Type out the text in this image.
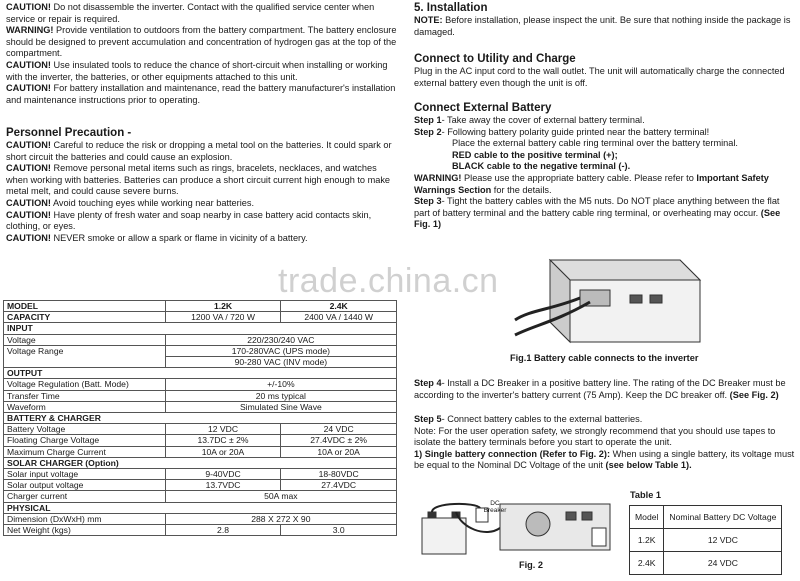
CAUTION! Do not disassemble the inverter. Contact with the qualified service center when service or repair is required.

WARNING! Provide ventilation to outdoors from the battery compartment. The battery enclosure should be designed to prevent accumulation and concentration of hydrogen gas at the top of the compartment.

CAUTION! Use insulated tools to reduce the chance of short-circuit when installing or working with the inverter, the batteries, or other equipments attached to this unit.

CAUTION! For battery installation and maintenance, read the battery manufacturer's installation and maintenance instructions prior to operating.

Personnel Precaution -

CAUTION! Careful to reduce the risk or dropping a metal tool on the batteries. It could spark or short circuit the batteries and could cause an explosion.

CAUTION! Remove personal metal items such as rings, bracelets, necklaces, and watches when working with batteries. Batteries can produce a short circuit current high enough to make metal melt, and could cause severe burns.

CAUTION! Avoid touching eyes while working near batteries.

CAUTION! Have plenty of fresh water and soap nearby in case battery acid contacts skin, clothing, or eyes.

CAUTION! NEVER smoke or allow a spark or flame in vicinity of a battery.

trade.china.cn
MODEL	1.2K	2.4K
CAPACITY	1200 VA / 720 W	2400 VA / 1440 W
INPUT		
Voltage	220/230/240 VAC	
Voltage Range	170-280VAC (UPS mode)	
	90-280 VAC (INV mode)	
OUTPUT		
Voltage Regulation (Batt. Mode)	+/-10%	
Transfer Time	20 ms typical	
Waveform	Simulated Sine Wave	
BATTERY & CHARGER		
Battery Voltage	12 VDC	24 VDC
Floating Charge Voltage	13.7DC ± 2%	27.4VDC ± 2%
Maximum Charge Current	10A or 20A	10A or 20A
SOLAR CHARGER (Option)		
Solar input voltage	9-40VDC	18-80VDC
Solar output voltage	13.7VDC	27.4VDC
Charger current	50A max	
PHYSICAL		
Dimension (DxWxH) mm	288 X 272 X 90	
Net Weight (kgs)	2.8	3.0

5. Installation

NOTE: Before installation, please inspect the unit. Be sure that nothing inside the package is damaged.

Connect to Utility and Charge

Plug in the AC input cord to the wall outlet. The unit will automatically charge the connected external battery even though the unit is off.

Connect External Battery

Step 1- Take away the cover of external battery terminal.

Step 2- Following battery polarity guide printed near the battery terminal!

Place the external battery cable ring terminal over the battery terminal.

RED cable to the positive terminal (+);

BLACK cable to the negative terminal (-).

WARNING! Please use the appropriate battery cable. Please refer to Important Safety Warnings Section for the details.

Step 3- Tight the battery cables with the M5 nuts. Do NOT place anything between the flat part of battery terminal and the battery cable ring terminal, or overheating may occur. (See Fig. 1)

Fig.1 Battery cable connects to the inverter

Step 4- Install a DC Breaker in a positive battery line. The rating of the DC Breaker must be according to the inverter's battery current (75 Amp). Keep the DC breaker off. (See Fig. 2)

Step 5- Connect battery cables to the external batteries.

Note: For the user operation safety, we strongly recommend that you should use tapes to isolate the battery terminals before you start to operate the unit.

1) Single battery connection (Refer to Fig. 2): When using a single battery, its voltage must be equal to the Nominal DC Voltage of the unit (see below Table 1).

Table 1

Model	Nominal Battery DC Voltage
1.2K	12 VDC
2.4K	24 VDC

Fig. 2

DC Breaker
